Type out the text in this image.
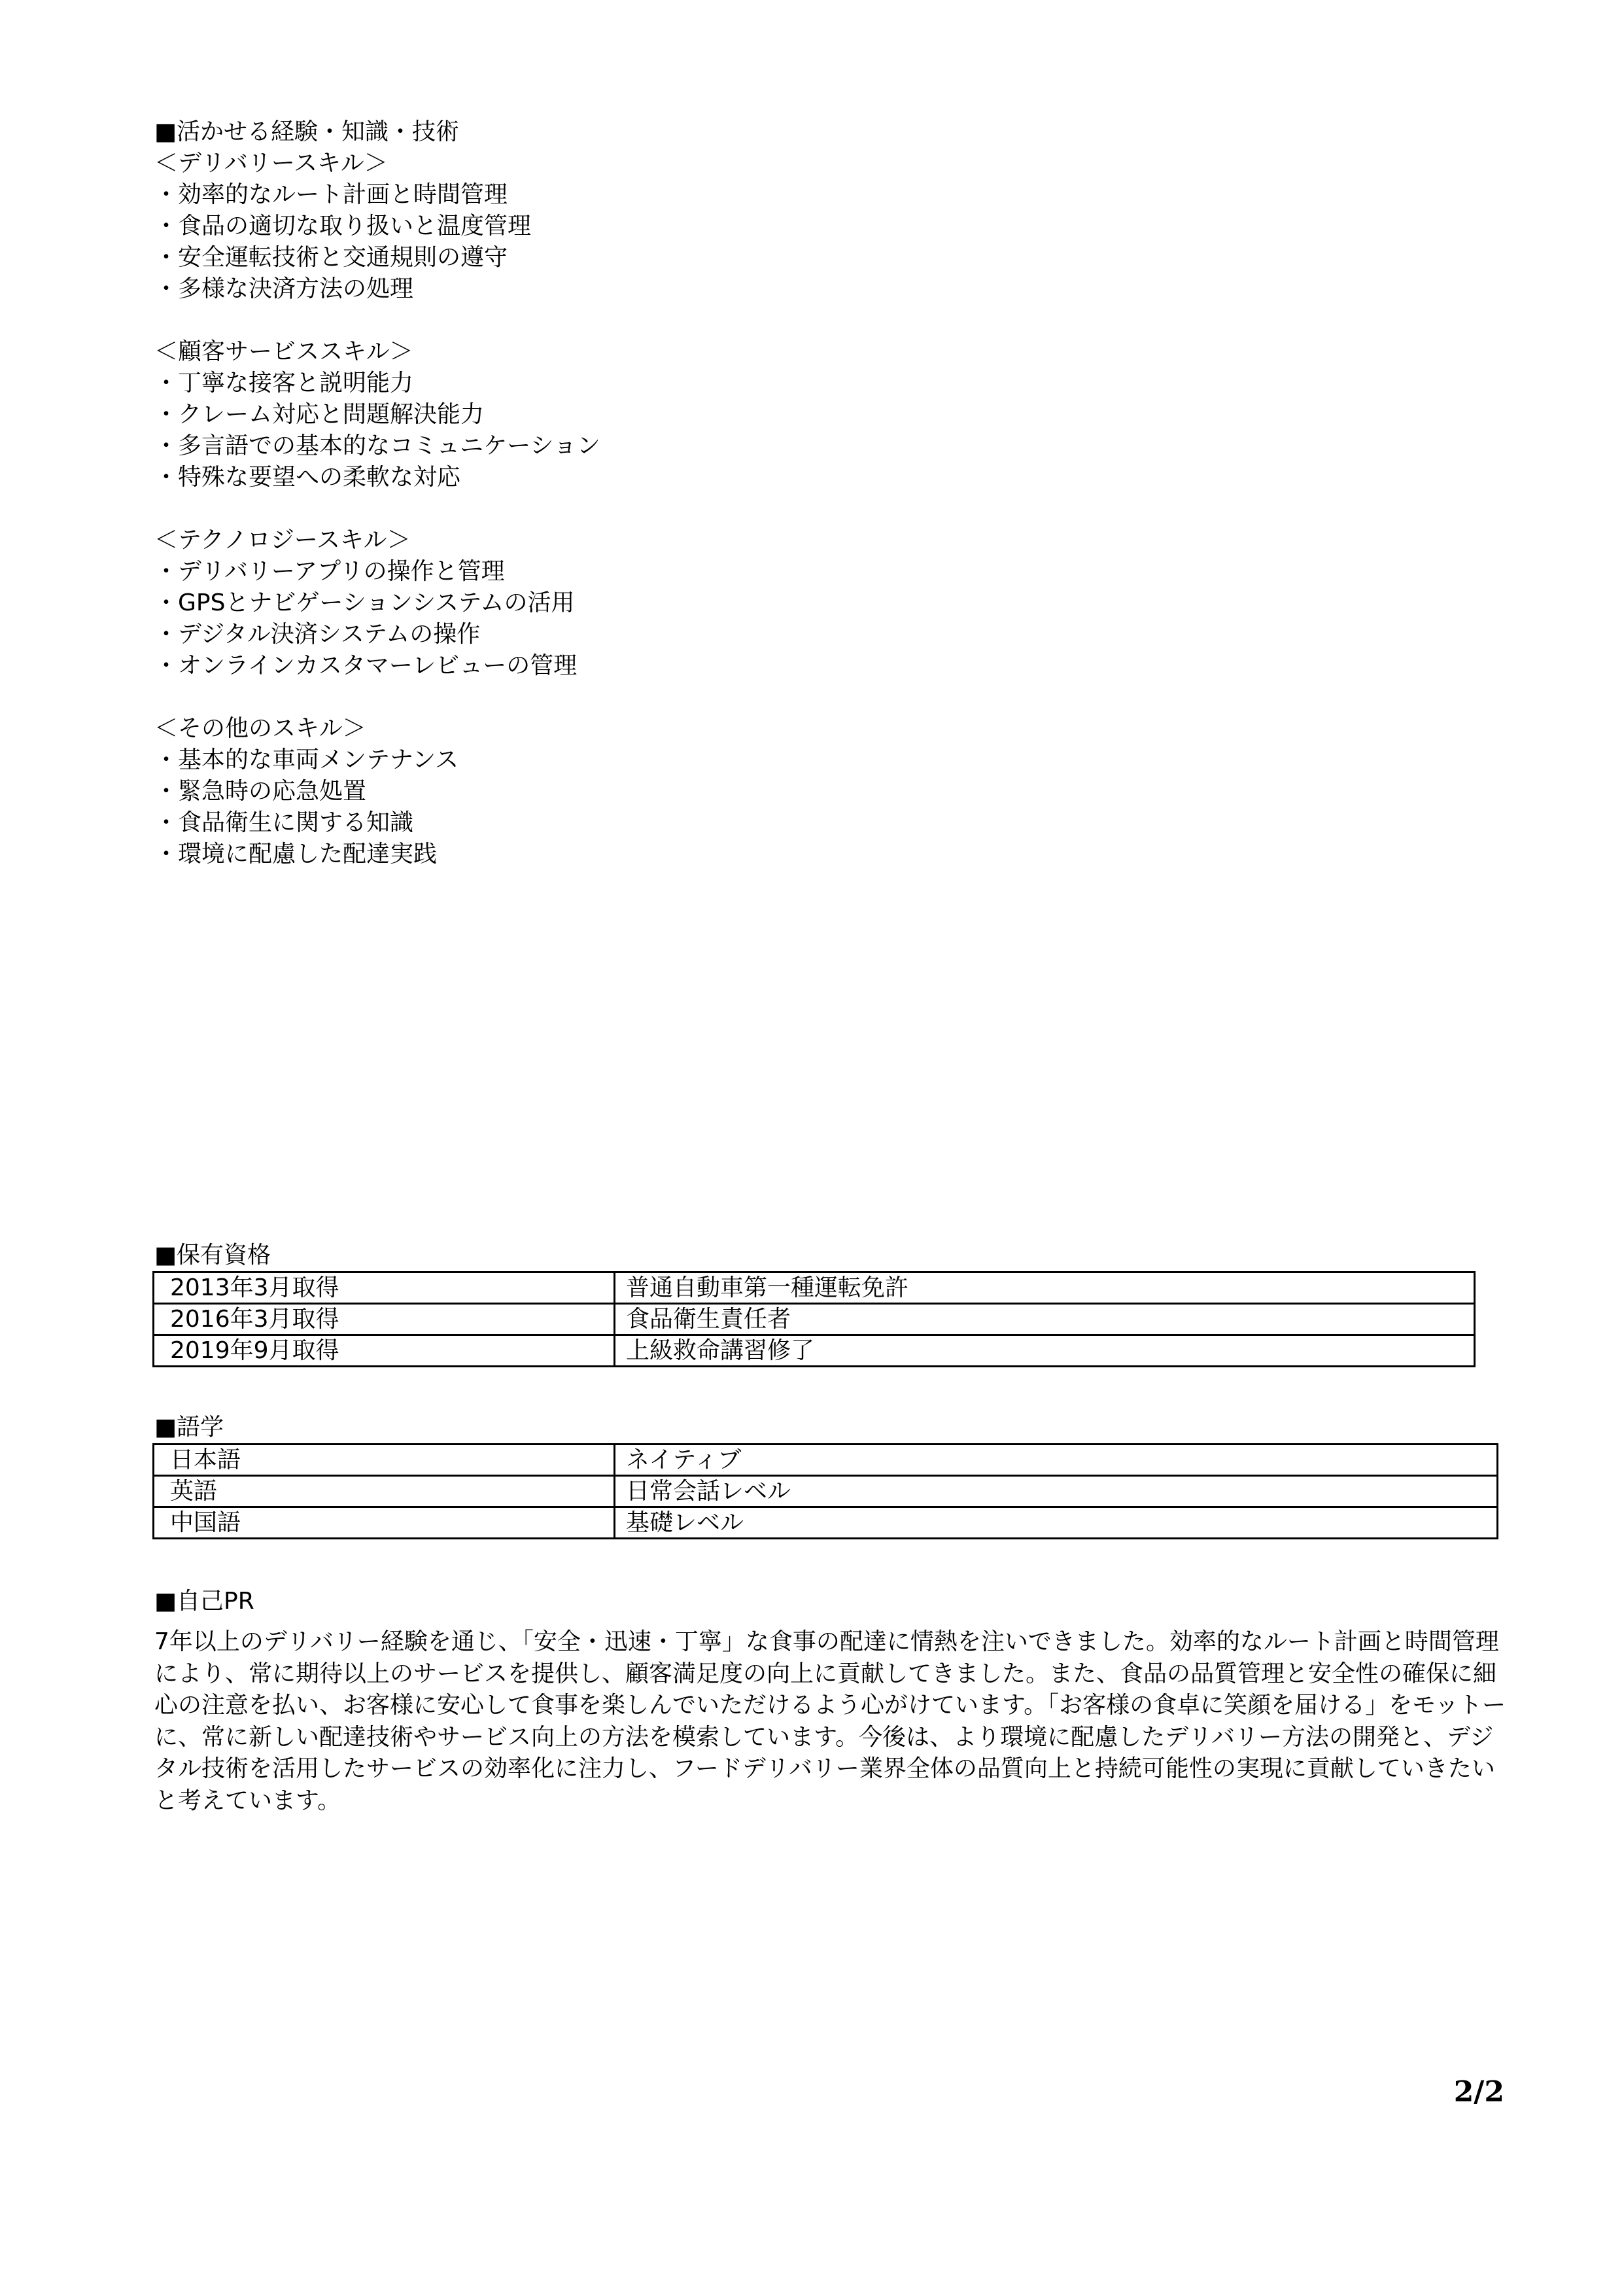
■活かせる経験・知識・技術
＜デリバリースキル＞
・効率的なルート計画と時間管理
・食品の適切な取り扱いと温度管理
・安全運転技術と交通規則の遵守
・多様な決済方法の処理
＜顧客サービススキル＞
・丁寧な接客と説明能力
・クレーム対応と問題解決能力
・多言語での基本的なコミュニケーション
・特殊な要望への柔軟な対応
＜テクノロジースキル＞
・デリバリーアプリの操作と管理
・GPSとナビゲーションシステムの活用
・デジタル決済システムの操作
・オンラインカスタマーレビューの管理
＜その他のスキル＞
・基本的な車両メンテナンス
・緊急時の応急処置
・食品衛生に関する知識
・環境に配慮した配達実践
■保有資格
2013年3月取得	普通自動車第一種運転免許
2016年3月取得	食品衛生責任者
2019年9月取得	上級救命講習修了
■語学
日本語	ネイティブ
英語	日常会話レベル
中国語	基礎レベル
■自己PR

7年以上のデリバリー経験を通じ、「安全・迅速・丁寧」な食事の配達に情熱を注いできました。効率的なルート計画と時間管理により、常に期待以上のサービスを提供し、顧客満足度の向上に貢献してきました。また、食品の品質管理と安全性の確保に細心の注意を払い、お客様に安心して食事を楽しんでいただけるよう心がけています。「お客様の食卓に笑顔を届ける」をモットーに、常に新しい配達技術やサービス向上の方法を模索しています。今後は、より環境に配慮したデリバリー方法の開発と、デジタル技術を活用したサービスの効率化に注力し、フードデリバリー業界全体の品質向上と持続可能性の実現に貢献していきたいと考えています。

2/2
